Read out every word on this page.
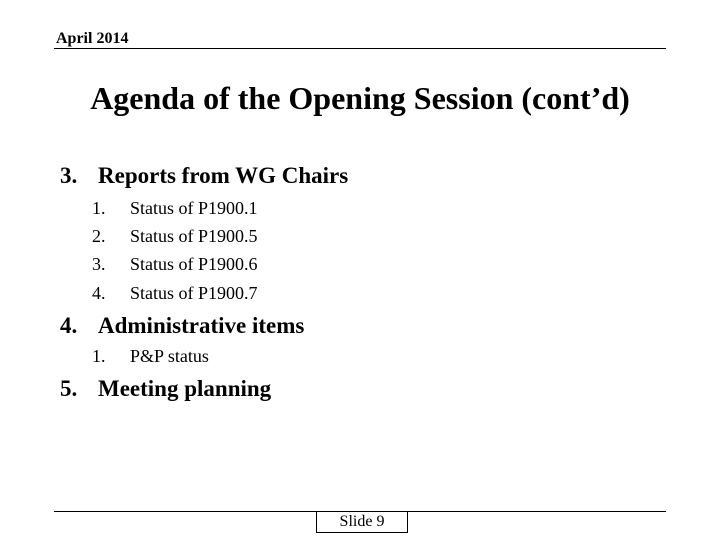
April 2014
Agenda of the Opening Session (cont’d)
3. Reports from WG Chairs
1. Status of P1900.1
2. Status of P1900.5
3. Status of P1900.6
4. Status of P1900.7
4. Administrative items
1. P&P status
5. Meeting planning
Slide 9
